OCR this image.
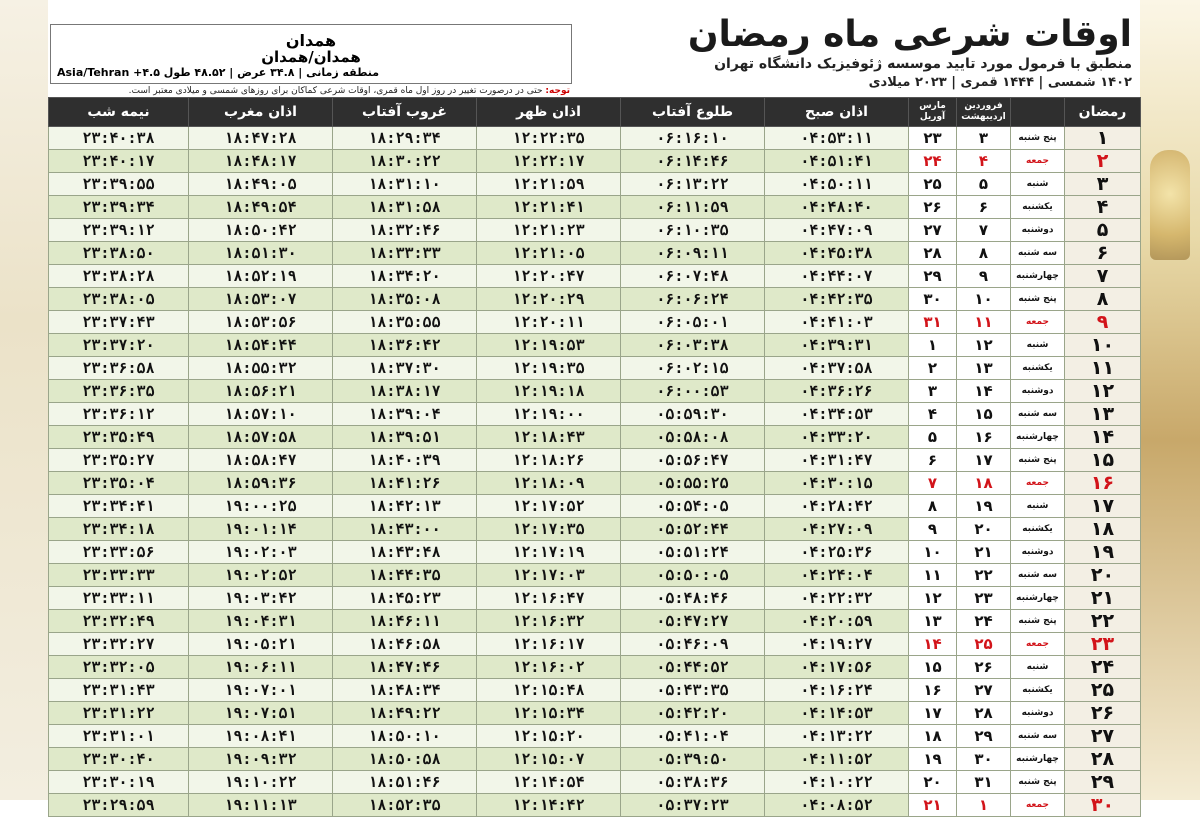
اوقات شرعی ماه رمضان
منطبق با فرمول مورد تایید موسسه ژئوفیزیک دانشگاه تهران
۱۴۰۲ شمسی | ۱۴۴۴ قمری | ۲۰۲۳ میلادی
همدان
همدان/همدان
Asia/Tehran +۴.۵ منطقه زمانی | ۳۴.۸ عرض | ۴۸.۵۲ طول
توجه: حتی در درصورت تغییر در روز اول ماه قمری، اوقات شرعی کماکان برای روزهای شمسی و میلادی معتبر است.
رمضان		فروردین اردیبهشت	مارس آوریل	اذان صبح	طلوع آفتاب	اذان ظهر	غروب آفتاب	اذان مغرب	نیمه شب
۱	پنج شنبه	۳	۲۳	۰۴:۵۳:۱۱	۰۶:۱۶:۱۰	۱۲:۲۲:۳۵	۱۸:۲۹:۳۴	۱۸:۴۷:۲۸	۲۳:۴۰:۳۸
۲	جمعه	۴	۲۴	۰۴:۵۱:۴۱	۰۶:۱۴:۴۶	۱۲:۲۲:۱۷	۱۸:۳۰:۲۲	۱۸:۴۸:۱۷	۲۳:۴۰:۱۷
۳	شنبه	۵	۲۵	۰۴:۵۰:۱۱	۰۶:۱۳:۲۲	۱۲:۲۱:۵۹	۱۸:۳۱:۱۰	۱۸:۴۹:۰۵	۲۳:۳۹:۵۵
۴	یکشنبه	۶	۲۶	۰۴:۴۸:۴۰	۰۶:۱۱:۵۹	۱۲:۲۱:۴۱	۱۸:۳۱:۵۸	۱۸:۴۹:۵۴	۲۳:۳۹:۳۴
۵	دوشنبه	۷	۲۷	۰۴:۴۷:۰۹	۰۶:۱۰:۳۵	۱۲:۲۱:۲۳	۱۸:۳۲:۴۶	۱۸:۵۰:۴۲	۲۳:۳۹:۱۲
۶	سه شنبه	۸	۲۸	۰۴:۴۵:۳۸	۰۶:۰۹:۱۱	۱۲:۲۱:۰۵	۱۸:۳۳:۳۳	۱۸:۵۱:۳۰	۲۳:۳۸:۵۰
۷	چهارشنبه	۹	۲۹	۰۴:۴۴:۰۷	۰۶:۰۷:۴۸	۱۲:۲۰:۴۷	۱۸:۳۴:۲۰	۱۸:۵۲:۱۹	۲۳:۳۸:۲۸
۸	پنج شنبه	۱۰	۳۰	۰۴:۴۲:۳۵	۰۶:۰۶:۲۴	۱۲:۲۰:۲۹	۱۸:۳۵:۰۸	۱۸:۵۳:۰۷	۲۳:۳۸:۰۵
۹	جمعه	۱۱	۳۱	۰۴:۴۱:۰۳	۰۶:۰۵:۰۱	۱۲:۲۰:۱۱	۱۸:۳۵:۵۵	۱۸:۵۳:۵۶	۲۳:۳۷:۴۳
۱۰	شنبه	۱۲	۱	۰۴:۳۹:۳۱	۰۶:۰۳:۳۸	۱۲:۱۹:۵۳	۱۸:۳۶:۴۲	۱۸:۵۴:۴۴	۲۳:۳۷:۲۰
۱۱	یکشنبه	۱۳	۲	۰۴:۳۷:۵۸	۰۶:۰۲:۱۵	۱۲:۱۹:۳۵	۱۸:۳۷:۳۰	۱۸:۵۵:۳۲	۲۳:۳۶:۵۸
۱۲	دوشنبه	۱۴	۳	۰۴:۳۶:۲۶	۰۶:۰۰:۵۳	۱۲:۱۹:۱۸	۱۸:۳۸:۱۷	۱۸:۵۶:۲۱	۲۳:۳۶:۳۵
۱۳	سه شنبه	۱۵	۴	۰۴:۳۴:۵۳	۰۵:۵۹:۳۰	۱۲:۱۹:۰۰	۱۸:۳۹:۰۴	۱۸:۵۷:۱۰	۲۳:۳۶:۱۲
۱۴	چهارشنبه	۱۶	۵	۰۴:۳۳:۲۰	۰۵:۵۸:۰۸	۱۲:۱۸:۴۳	۱۸:۳۹:۵۱	۱۸:۵۷:۵۸	۲۳:۳۵:۴۹
۱۵	پنج شنبه	۱۷	۶	۰۴:۳۱:۴۷	۰۵:۵۶:۴۷	۱۲:۱۸:۲۶	۱۸:۴۰:۳۹	۱۸:۵۸:۴۷	۲۳:۳۵:۲۷
۱۶	جمعه	۱۸	۷	۰۴:۳۰:۱۵	۰۵:۵۵:۲۵	۱۲:۱۸:۰۹	۱۸:۴۱:۲۶	۱۸:۵۹:۳۶	۲۳:۳۵:۰۴
۱۷	شنبه	۱۹	۸	۰۴:۲۸:۴۲	۰۵:۵۴:۰۵	۱۲:۱۷:۵۲	۱۸:۴۲:۱۳	۱۹:۰۰:۲۵	۲۳:۳۴:۴۱
۱۸	یکشنبه	۲۰	۹	۰۴:۲۷:۰۹	۰۵:۵۲:۴۴	۱۲:۱۷:۳۵	۱۸:۴۳:۰۰	۱۹:۰۱:۱۴	۲۳:۳۴:۱۸
۱۹	دوشنبه	۲۱	۱۰	۰۴:۲۵:۳۶	۰۵:۵۱:۲۴	۱۲:۱۷:۱۹	۱۸:۴۳:۴۸	۱۹:۰۲:۰۳	۲۳:۳۳:۵۶
۲۰	سه شنبه	۲۲	۱۱	۰۴:۲۴:۰۴	۰۵:۵۰:۰۵	۱۲:۱۷:۰۳	۱۸:۴۴:۳۵	۱۹:۰۲:۵۲	۲۳:۳۳:۳۳
۲۱	چهارشنبه	۲۳	۱۲	۰۴:۲۲:۳۲	۰۵:۴۸:۴۶	۱۲:۱۶:۴۷	۱۸:۴۵:۲۳	۱۹:۰۳:۴۲	۲۳:۳۳:۱۱
۲۲	پنج شنبه	۲۴	۱۳	۰۴:۲۰:۵۹	۰۵:۴۷:۲۷	۱۲:۱۶:۳۲	۱۸:۴۶:۱۱	۱۹:۰۴:۳۱	۲۳:۳۲:۴۹
۲۳	جمعه	۲۵	۱۴	۰۴:۱۹:۲۷	۰۵:۴۶:۰۹	۱۲:۱۶:۱۷	۱۸:۴۶:۵۸	۱۹:۰۵:۲۱	۲۳:۳۲:۲۷
۲۴	شنبه	۲۶	۱۵	۰۴:۱۷:۵۶	۰۵:۴۴:۵۲	۱۲:۱۶:۰۲	۱۸:۴۷:۴۶	۱۹:۰۶:۱۱	۲۳:۳۲:۰۵
۲۵	یکشنبه	۲۷	۱۶	۰۴:۱۶:۲۴	۰۵:۴۳:۳۵	۱۲:۱۵:۴۸	۱۸:۴۸:۳۴	۱۹:۰۷:۰۱	۲۳:۳۱:۴۳
۲۶	دوشنبه	۲۸	۱۷	۰۴:۱۴:۵۳	۰۵:۴۲:۲۰	۱۲:۱۵:۳۴	۱۸:۴۹:۲۲	۱۹:۰۷:۵۱	۲۳:۳۱:۲۲
۲۷	سه شنبه	۲۹	۱۸	۰۴:۱۳:۲۲	۰۵:۴۱:۰۴	۱۲:۱۵:۲۰	۱۸:۵۰:۱۰	۱۹:۰۸:۴۱	۲۳:۳۱:۰۱
۲۸	چهارشنبه	۳۰	۱۹	۰۴:۱۱:۵۲	۰۵:۳۹:۵۰	۱۲:۱۵:۰۷	۱۸:۵۰:۵۸	۱۹:۰۹:۳۲	۲۳:۳۰:۴۰
۲۹	پنج شنبه	۳۱	۲۰	۰۴:۱۰:۲۲	۰۵:۳۸:۳۶	۱۲:۱۴:۵۴	۱۸:۵۱:۴۶	۱۹:۱۰:۲۲	۲۳:۳۰:۱۹
۳۰	جمعه	۱	۲۱	۰۴:۰۸:۵۲	۰۵:۳۷:۲۳	۱۲:۱۴:۴۲	۱۸:۵۲:۳۵	۱۹:۱۱:۱۳	۲۳:۲۹:۵۹
